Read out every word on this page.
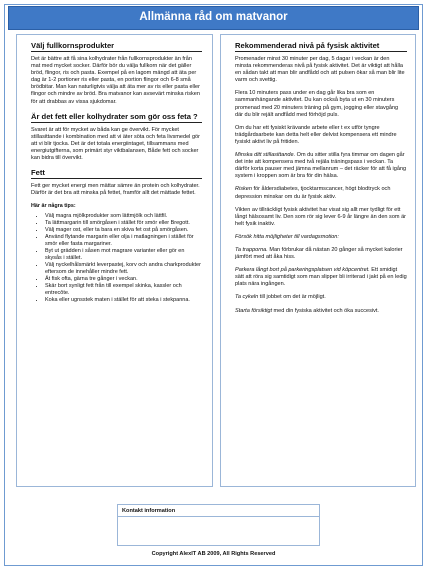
Allmänna råd om matvanor
Välj fullkornsprodukter

Det är bättre att få sina kolhydrater från fullkornsprodukter än från mat med mycket socker. Därför bör du välja fullkorn när det gäller bröd, flingor, ris och pasta. Exempel på en lagom mängd att äta per dag är 1-2 portioner ris eller pasta, en portion flingor och 6-8 små brödbitar. Man kan naturligtvis välja att äta mer av ris eller pasta eller flingor och mindre av bröd. Bra matvanor kan avsevärt minska risken för att drabbas av vissa sjukdomar.

Är det fett eller kolhydrater som gör oss feta ?

Svaret är att för mycket av båda kan ge övervikt. För mycket stillasittande i kombination med att vi äter söta och feta livsmedel gör att vi blir tjocka. Det är det totala energiintaget, tillsammans med energiutgifterna, som primärt styr viktbalansen, Både fett och socker kan bidra till övervikt.

Fett

Fett ger mycket energi men mättar sämre än protein och kolhydrater. Därför är det bra att minska på fettet, framför allt det mättade fettet.

Här är några tips:
• Välj magra mjölkprodukter som lättmjölk och lättfil.
• Ta lättmargarin till smörgåsen i stället för smör eller Bregott.
• Välj mager ost, eller ta bara en skiva fet ost på smörgåsen.
• Använd flytande margarin eller olja i matlagningen i stället för smör eller fasta margariner.
• Byt ut grädden i såsen mot magrare varianter eller gör en skysås i stället.
• Välj nyckelhålsmärkt leverpastej, korv och andra charkprodukter eftersom de innehåller mindre fett.
• Ät fisk ofta, gärna tre gånger i veckan.
• Skär bort synligt fett från till exempel skinka, kassler och entrecôte.
• Koka eller ugnsstek maten i stället för att steka i stekpanna.
Rekommenderad nivå på fysisk aktivitet

Promenader minst 30 minuter per dag, 5 dagar i veckan är den minsta rekommenderas nivå på fysisk aktivitet. Det är viktigt att hålla en sådan takt att man blir andfådd och att pulsen ökar så man blir lite varm och svettig.

Flera 10 minuters pass under en dag går lika bra som en sammanhängande aktivitet. Du kan också byta ut en 30 minuters promenad med 20 minuters träning på gym, jogging eller stavgång där du blir rejält andfådd med förhöjd puls.

Om du har ett fysiskt krävande arbete eller t ex utför tyngre trädgårdsarbete kan detta helt eller delvist kompensera ett mindre fysiskt aktivt liv på fritiden.

Minska ditt stillasittande. Om du sitter stilla fyra timmar om dagen går det inte att kompensera med två rejäla träningspass i veckan. Ta därför korta pauser med jämna mellanrum – det räcker för att få igång system i kroppen som är bra för din hälsa.

Risken för åldersdiabetes, tjocktarmscancer, högt blodtryck och depression minskar om du är fysisk aktiv.

Vikten av tillräckligt fysisk aktivitet har visat sig allt mer tydligt för ett långt hälsosamt liv. Den som rör sig lever 6-9 år längre än den som är helt fysik inaktiv.

Försök hitta möjligheter till vardagsmotion:

Ta trapporna. Man förbrukar då nästan 20 gånger så mycket kalorier jämfört med att åka hiss.

Parkera långt bort på parkeringsplatsen vid köpcentret. Ett smidigt sätt att röra sig samtidigt som man slipper bli irriterad i jakt på en ledig plats nära ingången.

Ta cykeln till jobbet om det är möjligt.

Starta försiktigt med din fysiska aktivitet och öka succesivt.

Kontakt information
Copyright AlexIT AB 2009, All Rights Reserved
